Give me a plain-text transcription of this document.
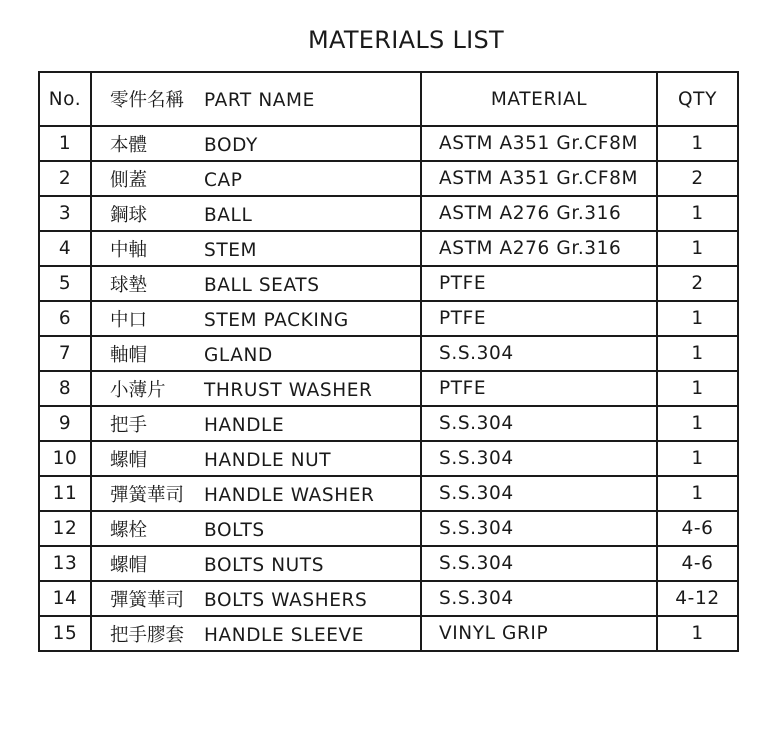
MATERIALS LIST
No.	零件名稱 PART NAME	MATERIAL	QTY
1	本體 BODY	ASTM A351 Gr.CF8M	1
2	側蓋 CAP	ASTM A351 Gr.CF8M	2
3	鋼球 BALL	ASTM A276 Gr.316	1
4	中軸 STEM	ASTM A276 Gr.316	1
5	球墊 BALL SEATS	PTFE	2
6	中口 STEM PACKING	PTFE	1
7	軸帽 GLAND	S.S.304	1
8	小薄片 THRUST WASHER	PTFE	1
9	把手 HANDLE	S.S.304	1
10	螺帽 HANDLE NUT	S.S.304	1
11	彈簧華司 HANDLE WASHER	S.S.304	1
12	螺栓 BOLTS	S.S.304	4-6
13	螺帽 BOLTS NUTS	S.S.304	4-6
14	彈簧華司 BOLTS WASHERS	S.S.304	4-12
15	把手膠套 HANDLE SLEEVE	VINYL GRIP	1
